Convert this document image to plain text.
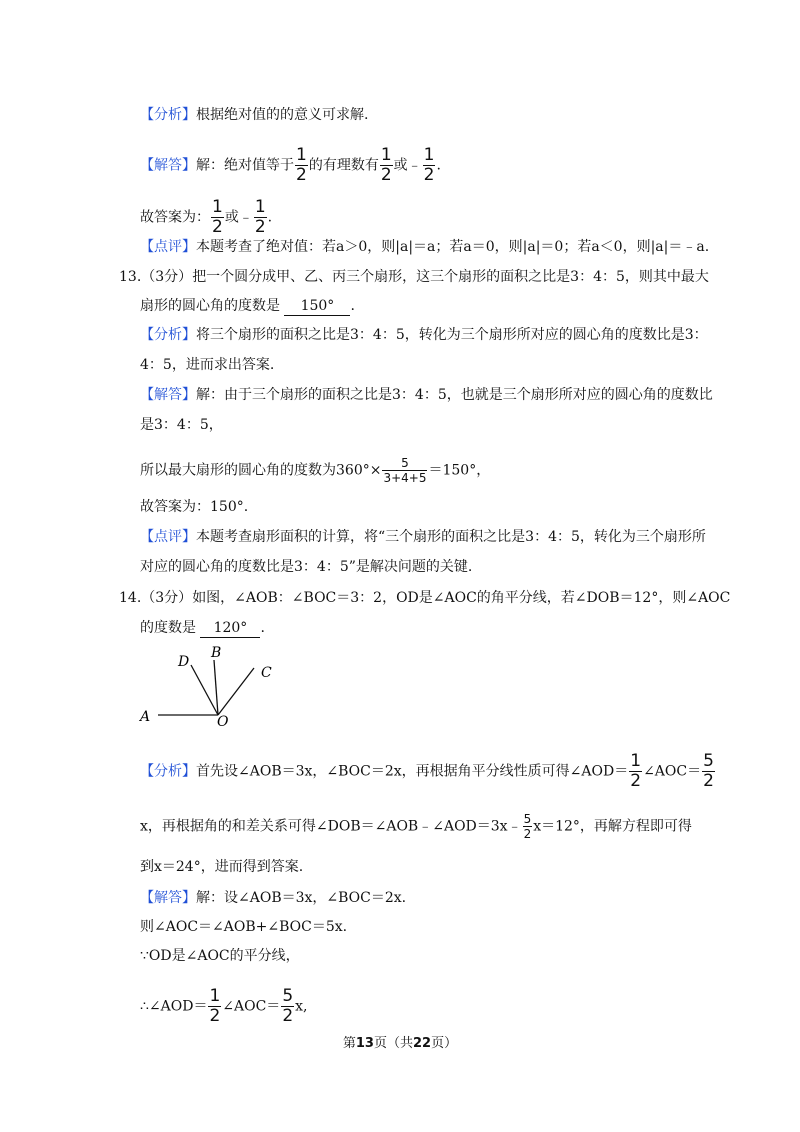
【分析】根据绝对值的的意义可求解.
【解答】解：绝对值等于 $\frac{1}{2}$ 的有理数有 $\frac{1}{2}$ 或﹣ $\frac{1}{2}$ .
故答案为： $\frac{1}{2}$ 或﹣ $\frac{1}{2}$ .
【点评】本题考查了绝对值：若a＞0，则|a|＝a；若a＝0，则|a|＝0；若a＜0，则|a|＝﹣a.
13.（3分）把一个圆分成甲、乙、丙三个扇形，这三个扇形的面积之比是3：4：5，则其中最大
扇形的圆心角的度数是 150° .
【分析】将三个扇形的面积之比是3：4：5，转化为三个扇形所对应的圆心角的度数比是3：
4：5，进而求出答案.
【解答】解：由于三个扇形的面积之比是3：4：5，也就是三个扇形所对应的圆心角的度数比
是3：4：5，
所以最大扇形的圆心角的度数为$360^\circ\times \frac{5}{3+4+5} =150^\circ$，
故答案为：150°.
【点评】本题考查扇形面积的计算，将“三个扇形的面积之比是3：4：5，转化为三个扇形所
对应的圆心角的度数比是3：4：5”是解决问题的关键.
14.（3分）如图，∠AOB：∠BOC＝3：2，OD是∠AOC的角平分线，若∠DOB＝12°，则∠AOC
的度数是 120° .
A
B
C
D
O
【分析】首先设∠AOB＝3x，∠BOC＝2x，再根据角平分线性质可得∠AOD＝ $\frac{1}{2}$ ∠AOC＝ $\frac{5}{2}$
x，再根据角的和差关系可得∠DOB＝∠AOB﹣∠AOD＝3x﹣ $\frac{5}{2} x=12^\circ$，再解方程即可得
到x＝24°，进而得到答案.
【解答】解：设∠AOB＝3x，∠BOC＝2x.
则∠AOC＝∠AOB+∠BOC＝5x.
∵OD是∠AOC的平分线，
∴∠AOD＝ $\frac{1}{2}$ ∠AOC＝ $\frac{5}{2} x$,
第13页（共22页）
